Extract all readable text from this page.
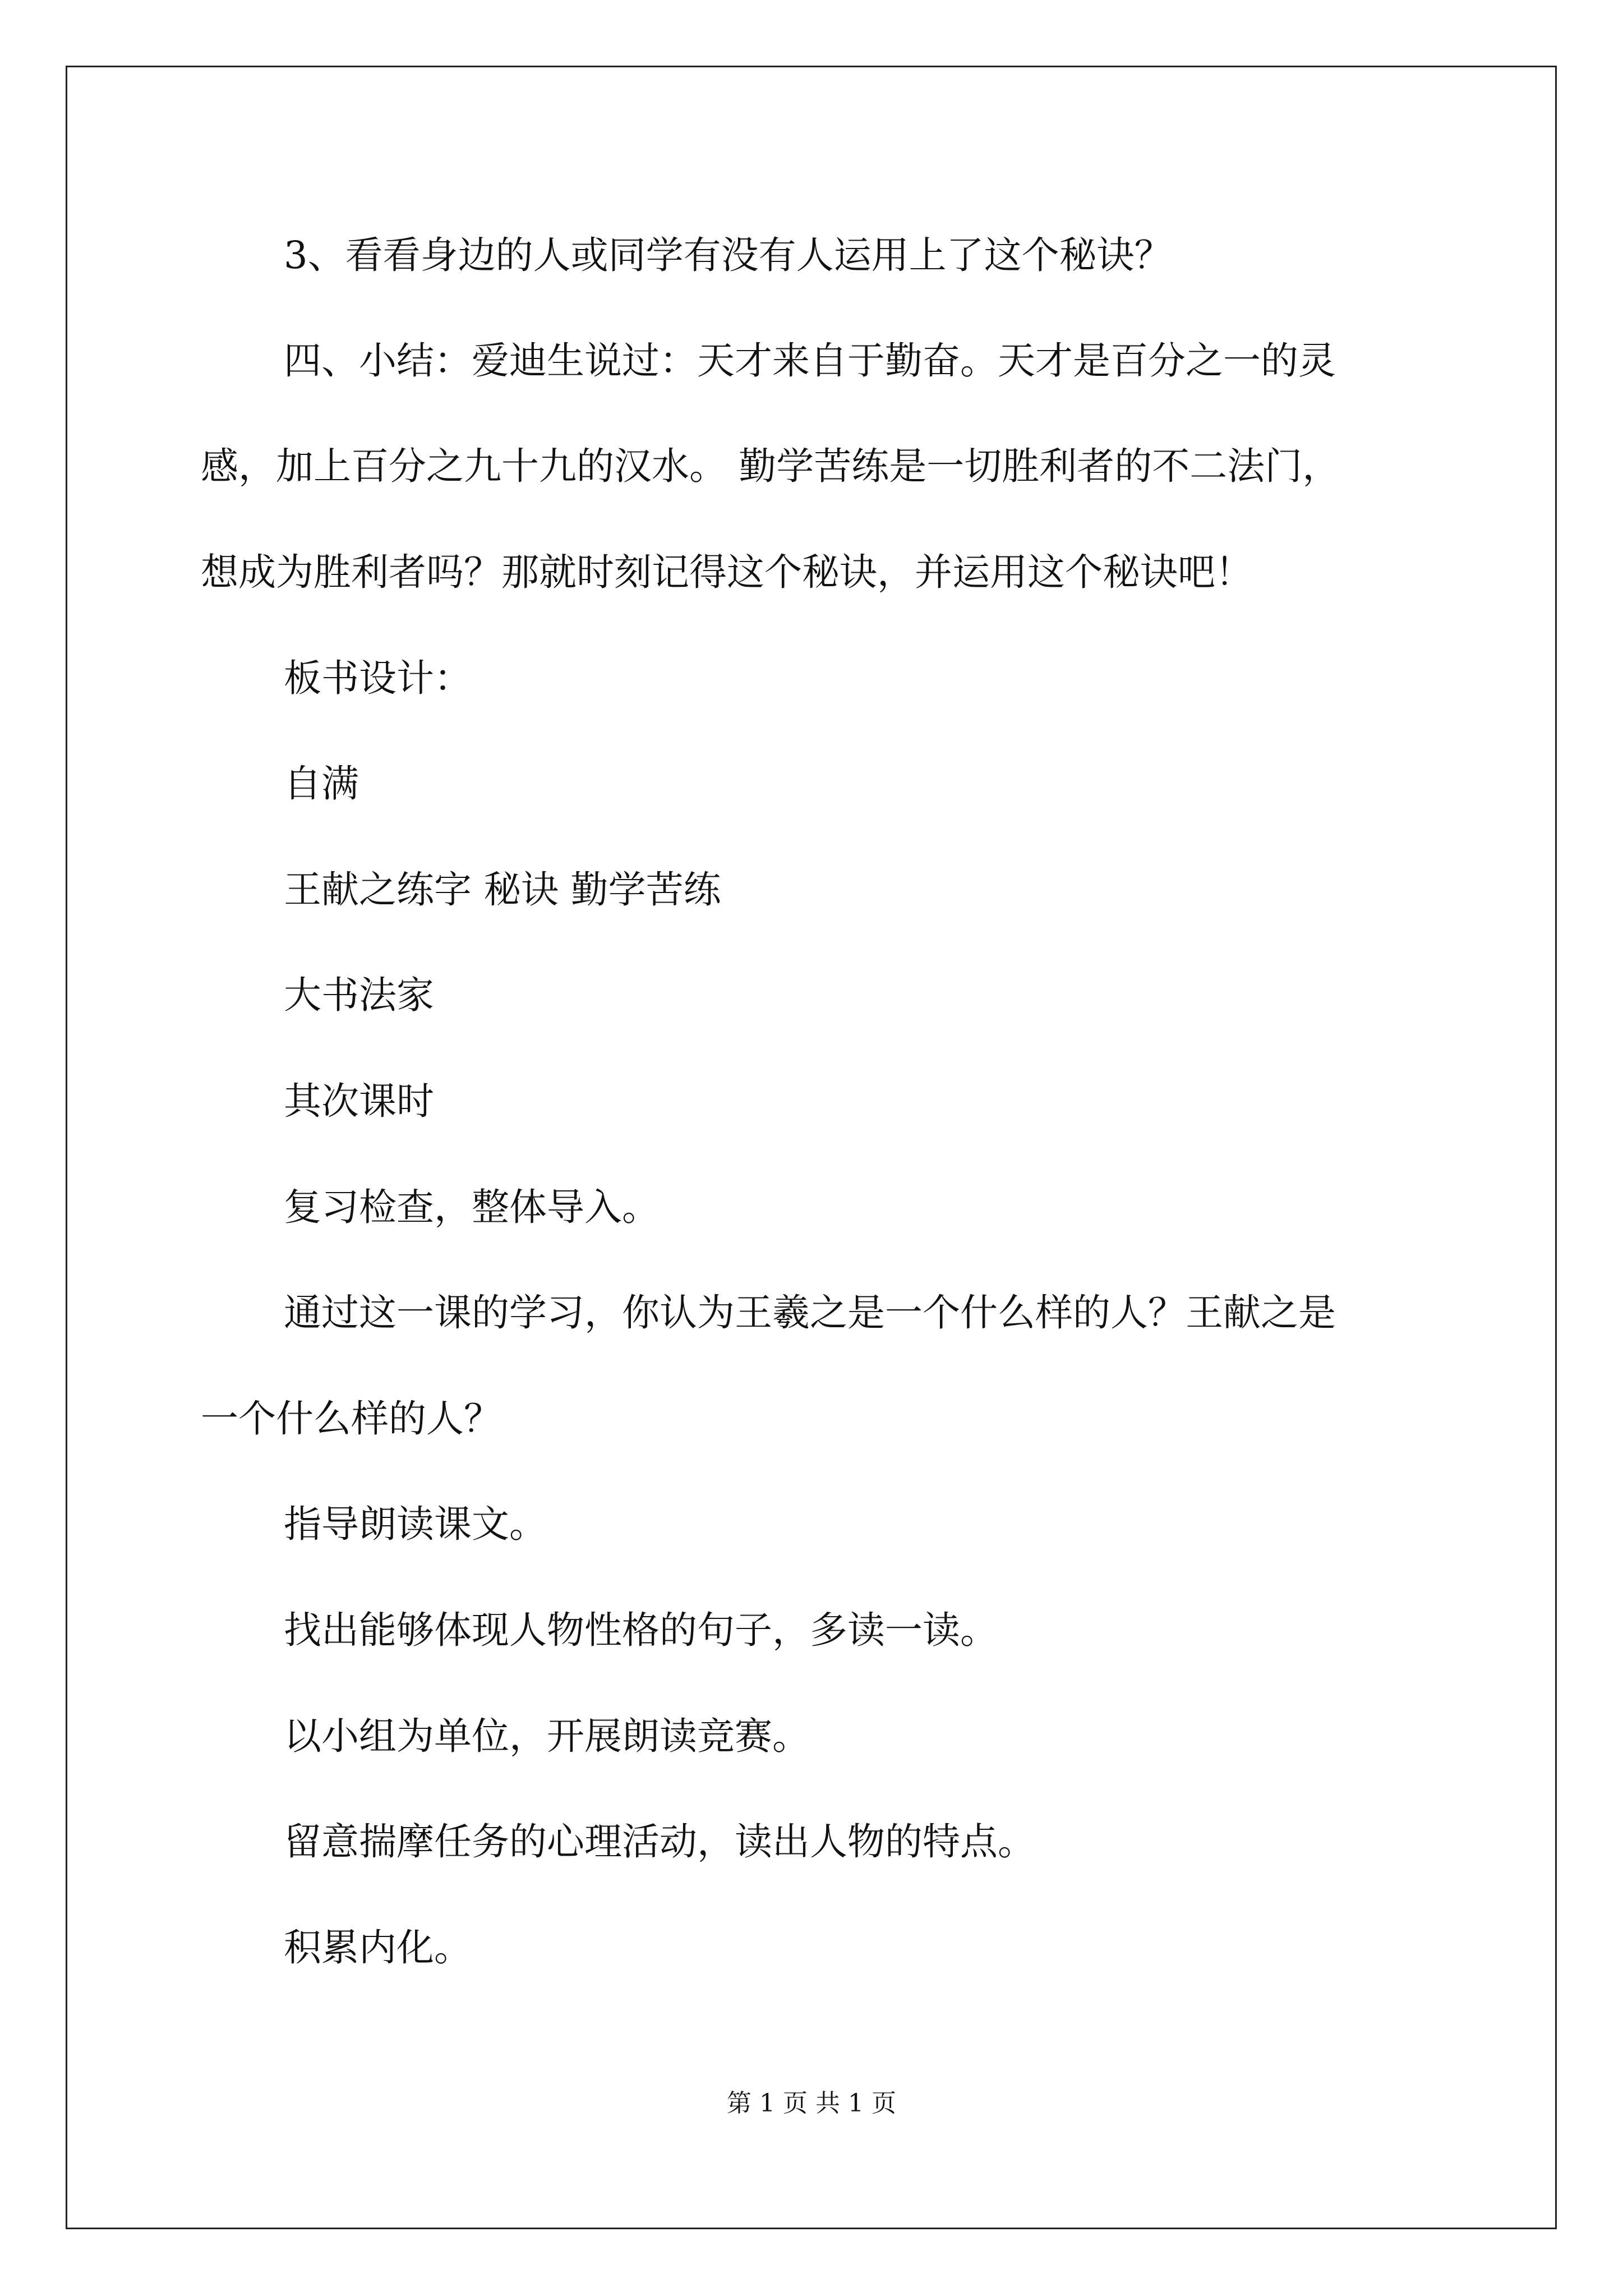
3、看看身边的人或同学有没有人运用上了这个秘诀？

四、小结：爱迪生说过：天才来自于勤奋。天才是百分之一的灵

感，加上百分之九十九的汉水。 勤学苦练是一切胜利者的不二法门，

想成为胜利者吗？那就时刻记得这个秘诀，并运用这个秘诀吧！

板书设计：

自满

王献之练字 秘诀 勤学苦练

大书法家

其次课时

复习检查，整体导入。

通过这一课的学习，你认为王羲之是一个什么样的人？王献之是

一个什么样的人？

指导朗读课文。

找出能够体现人物性格的句子，多读一读。

以小组为单位，开展朗读竞赛。

留意揣摩任务的心理活动，读出人物的特点。

积累内化。

第 1 页 共 1 页
